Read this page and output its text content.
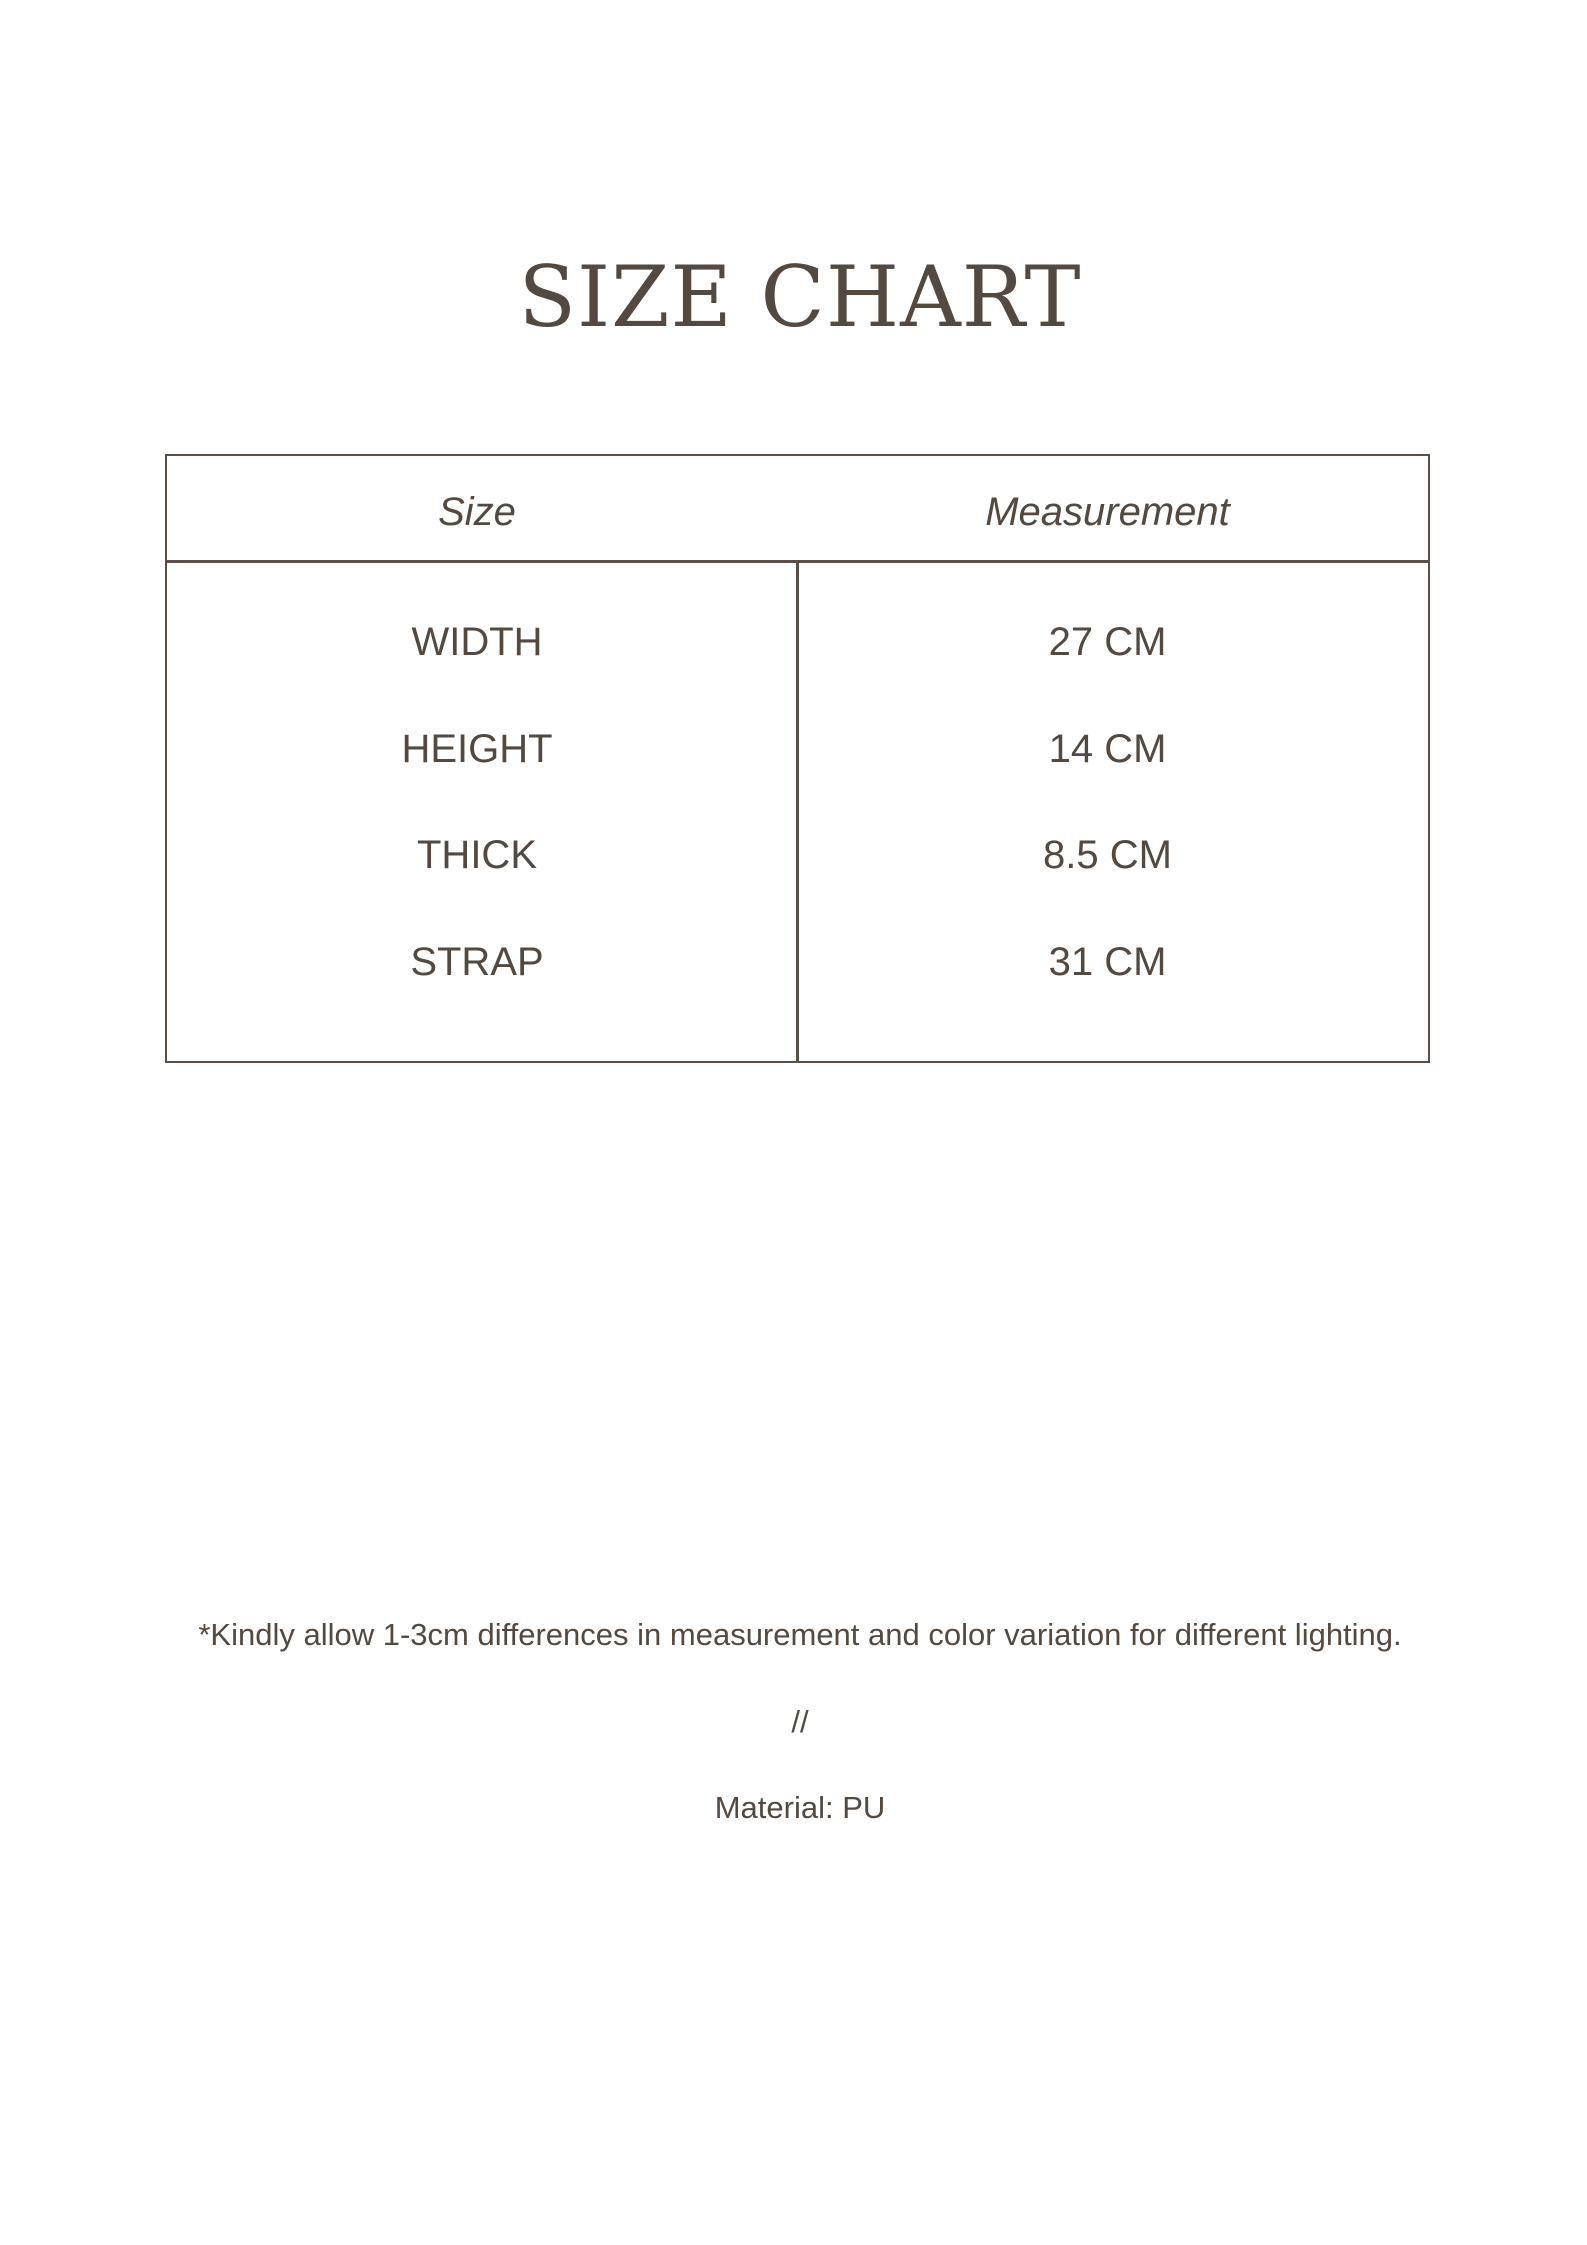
SIZE CHART
Size	Measurement
WIDTH	27 CM
HEIGHT	14 CM
THICK	8.5 CM
STRAP	31 CM
*Kindly allow 1-3cm differences in measurement and color variation for different lighting.
//
Material: PU
